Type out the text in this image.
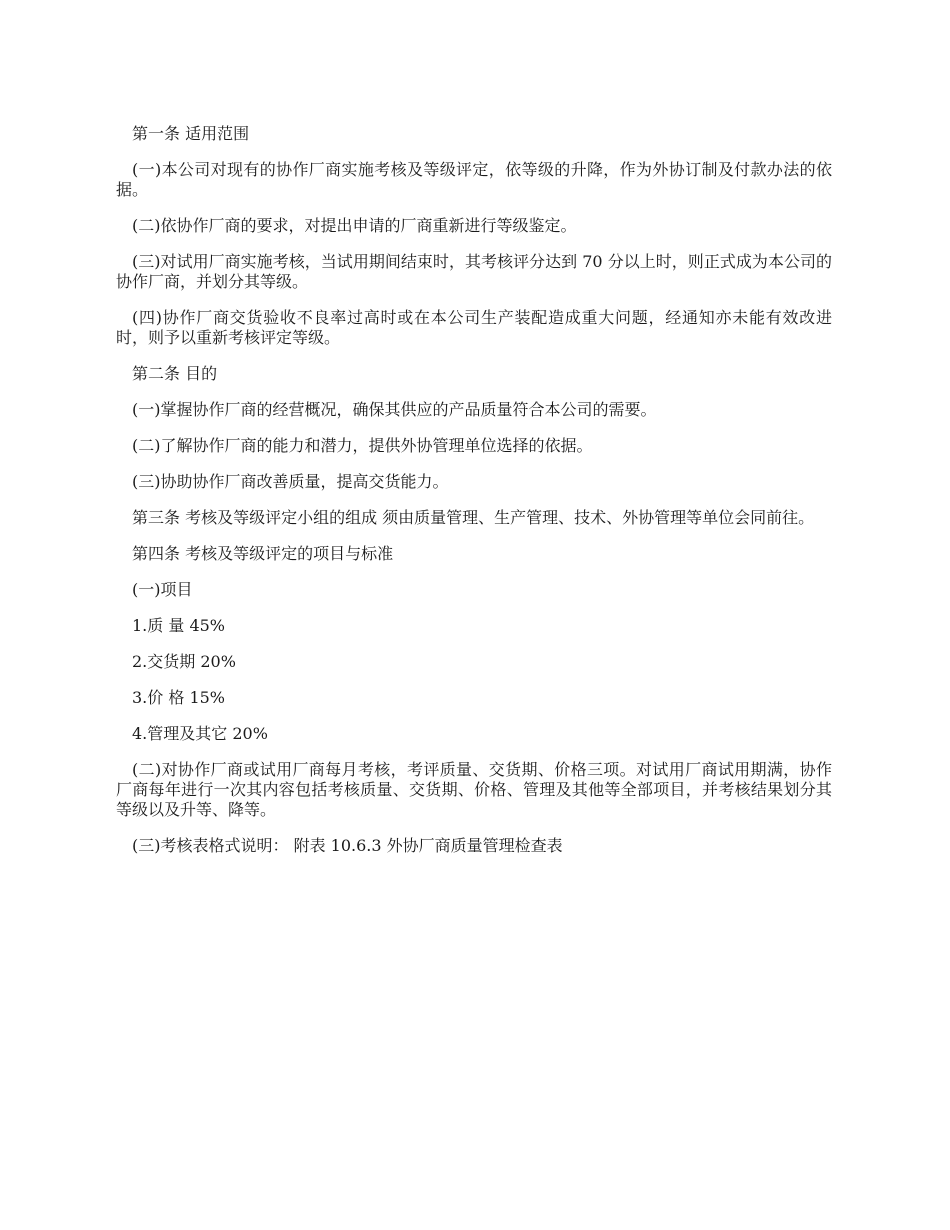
第一条 适用范围

(一)本公司对现有的协作厂商实施考核及等级评定，依等级的升降，作为外协订制及付款办法的依据。

(二)依协作厂商的要求，对提出申请的厂商重新进行等级鉴定。

(三)对试用厂商实施考核，当试用期间结束时，其考核评分达到 70 分以上时，则正式成为本公司的协作厂商，并划分其等级。

(四)协作厂商交货验收不良率过高时或在本公司生产装配造成重大问题，经通知亦未能有效改进时，则予以重新考核评定等级。

第二条 目的

(一)掌握协作厂商的经营概况，确保其供应的产品质量符合本公司的需要。

(二)了解协作厂商的能力和潜力，提供外协管理单位选择的依据。

(三)协助协作厂商改善质量，提高交货能力。

第三条 考核及等级评定小组的组成 须由质量管理、生产管理、技术、外协管理等单位会同前往。

第四条 考核及等级评定的项目与标准

(一)项目

1.质 量 45%

2.交货期 20%

3.价 格 15%

4.管理及其它 20%

(二)对协作厂商或试用厂商每月考核，考评质量、交货期、价格三项。对试用厂商试用期满，协作厂商每年进行一次其内容包括考核质量、交货期、价格、管理及其他等全部项目，并考核结果划分其等级以及升等、降等。

(三)考核表格式说明： 附表 10.6.3 外协厂商质量管理检查表
